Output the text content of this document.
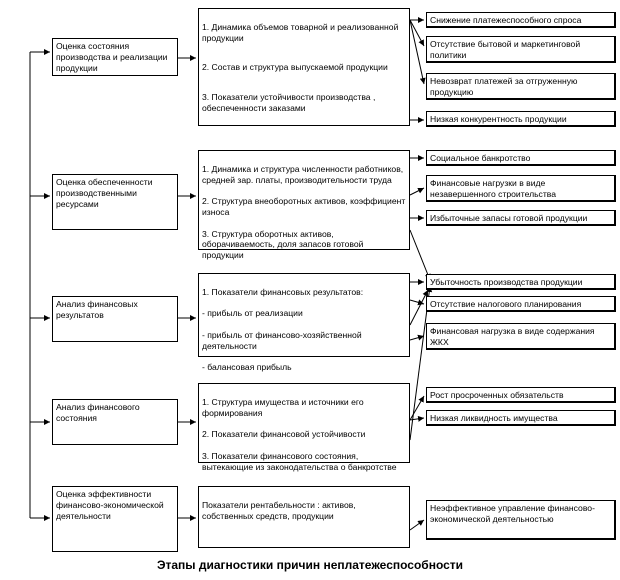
Оценка состояния производства и реализации продукции
Оценка обеспеченности производственными ресурсами
Анализ финансовых результатов
Анализ финансового состояния
Оценка эффективности финансово-экономической деятельности

1. Динамика объемов товарной и реализованной продукции

2. Состав и структура выпускаемой продукции

3. Показатели устойчивости производства , обеспеченности заказами

1. Динамика и структура численности работников, средней зар. платы, производительности труда

2. Структура внеоборотных активов, коэффициент износа

3. Структура оборотных активов, оборачиваемость, доля запасов готовой продукции

1. Показатели финансовых результатов:

- прибыль от реализации

- прибыль от финансово-хозяйственной деятельности

- балансовая прибыль

1. Структура имущества и источники его формирования

2. Показатели финансовой устойчивости

3. Показатели финансового состояния, вытекающие из законодательства о банкротстве

Показатели рентабельности : активов, собственных средств, продукции

Снижение платежеспособного спроса
Отсутствие бытовой и маркетинговой политики
Невозврат платежей за отгруженную продукцию
Низкая конкурентность продукции
Социальное банкротство
Финансовые нагрузки в виде незавершенного строительства
Избыточные запасы готовой продукции
Убыточность производства продукции
Отсутствие налогового планирования
Финансовая нагрузка в виде содержания ЖКХ
Рост просроченных обязательств
Низкая ликвидность имущества
Неэффективное управление финансово-экономической деятельностью
Этапы диагностики причин неплатежеспособности
